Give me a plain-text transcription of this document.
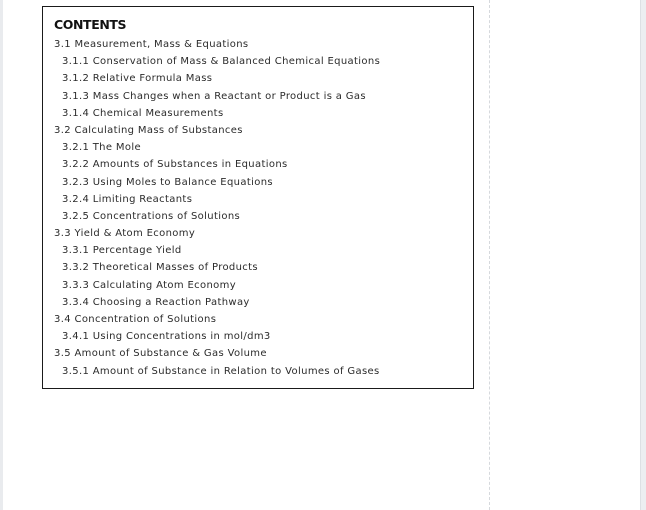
CONTENTS
3.1 Measurement, Mass & Equations
3.1.1 Conservation of Mass & Balanced Chemical Equations
3.1.2 Relative Formula Mass
3.1.3 Mass Changes when a Reactant or Product is a Gas
3.1.4 Chemical Measurements
3.2 Calculating Mass of Substances
3.2.1 The Mole
3.2.2 Amounts of Substances in Equations
3.2.3 Using Moles to Balance Equations
3.2.4 Limiting Reactants
3.2.5 Concentrations of Solutions
3.3 Yield & Atom Economy
3.3.1 Percentage Yield
3.3.2 Theoretical Masses of Products
3.3.3 Calculating Atom Economy
3.3.4 Choosing a Reaction Pathway
3.4 Concentration of Solutions
3.4.1 Using Concentrations in mol/dm3
3.5 Amount of Substance & Gas Volume
3.5.1 Amount of Substance in Relation to Volumes of Gases
